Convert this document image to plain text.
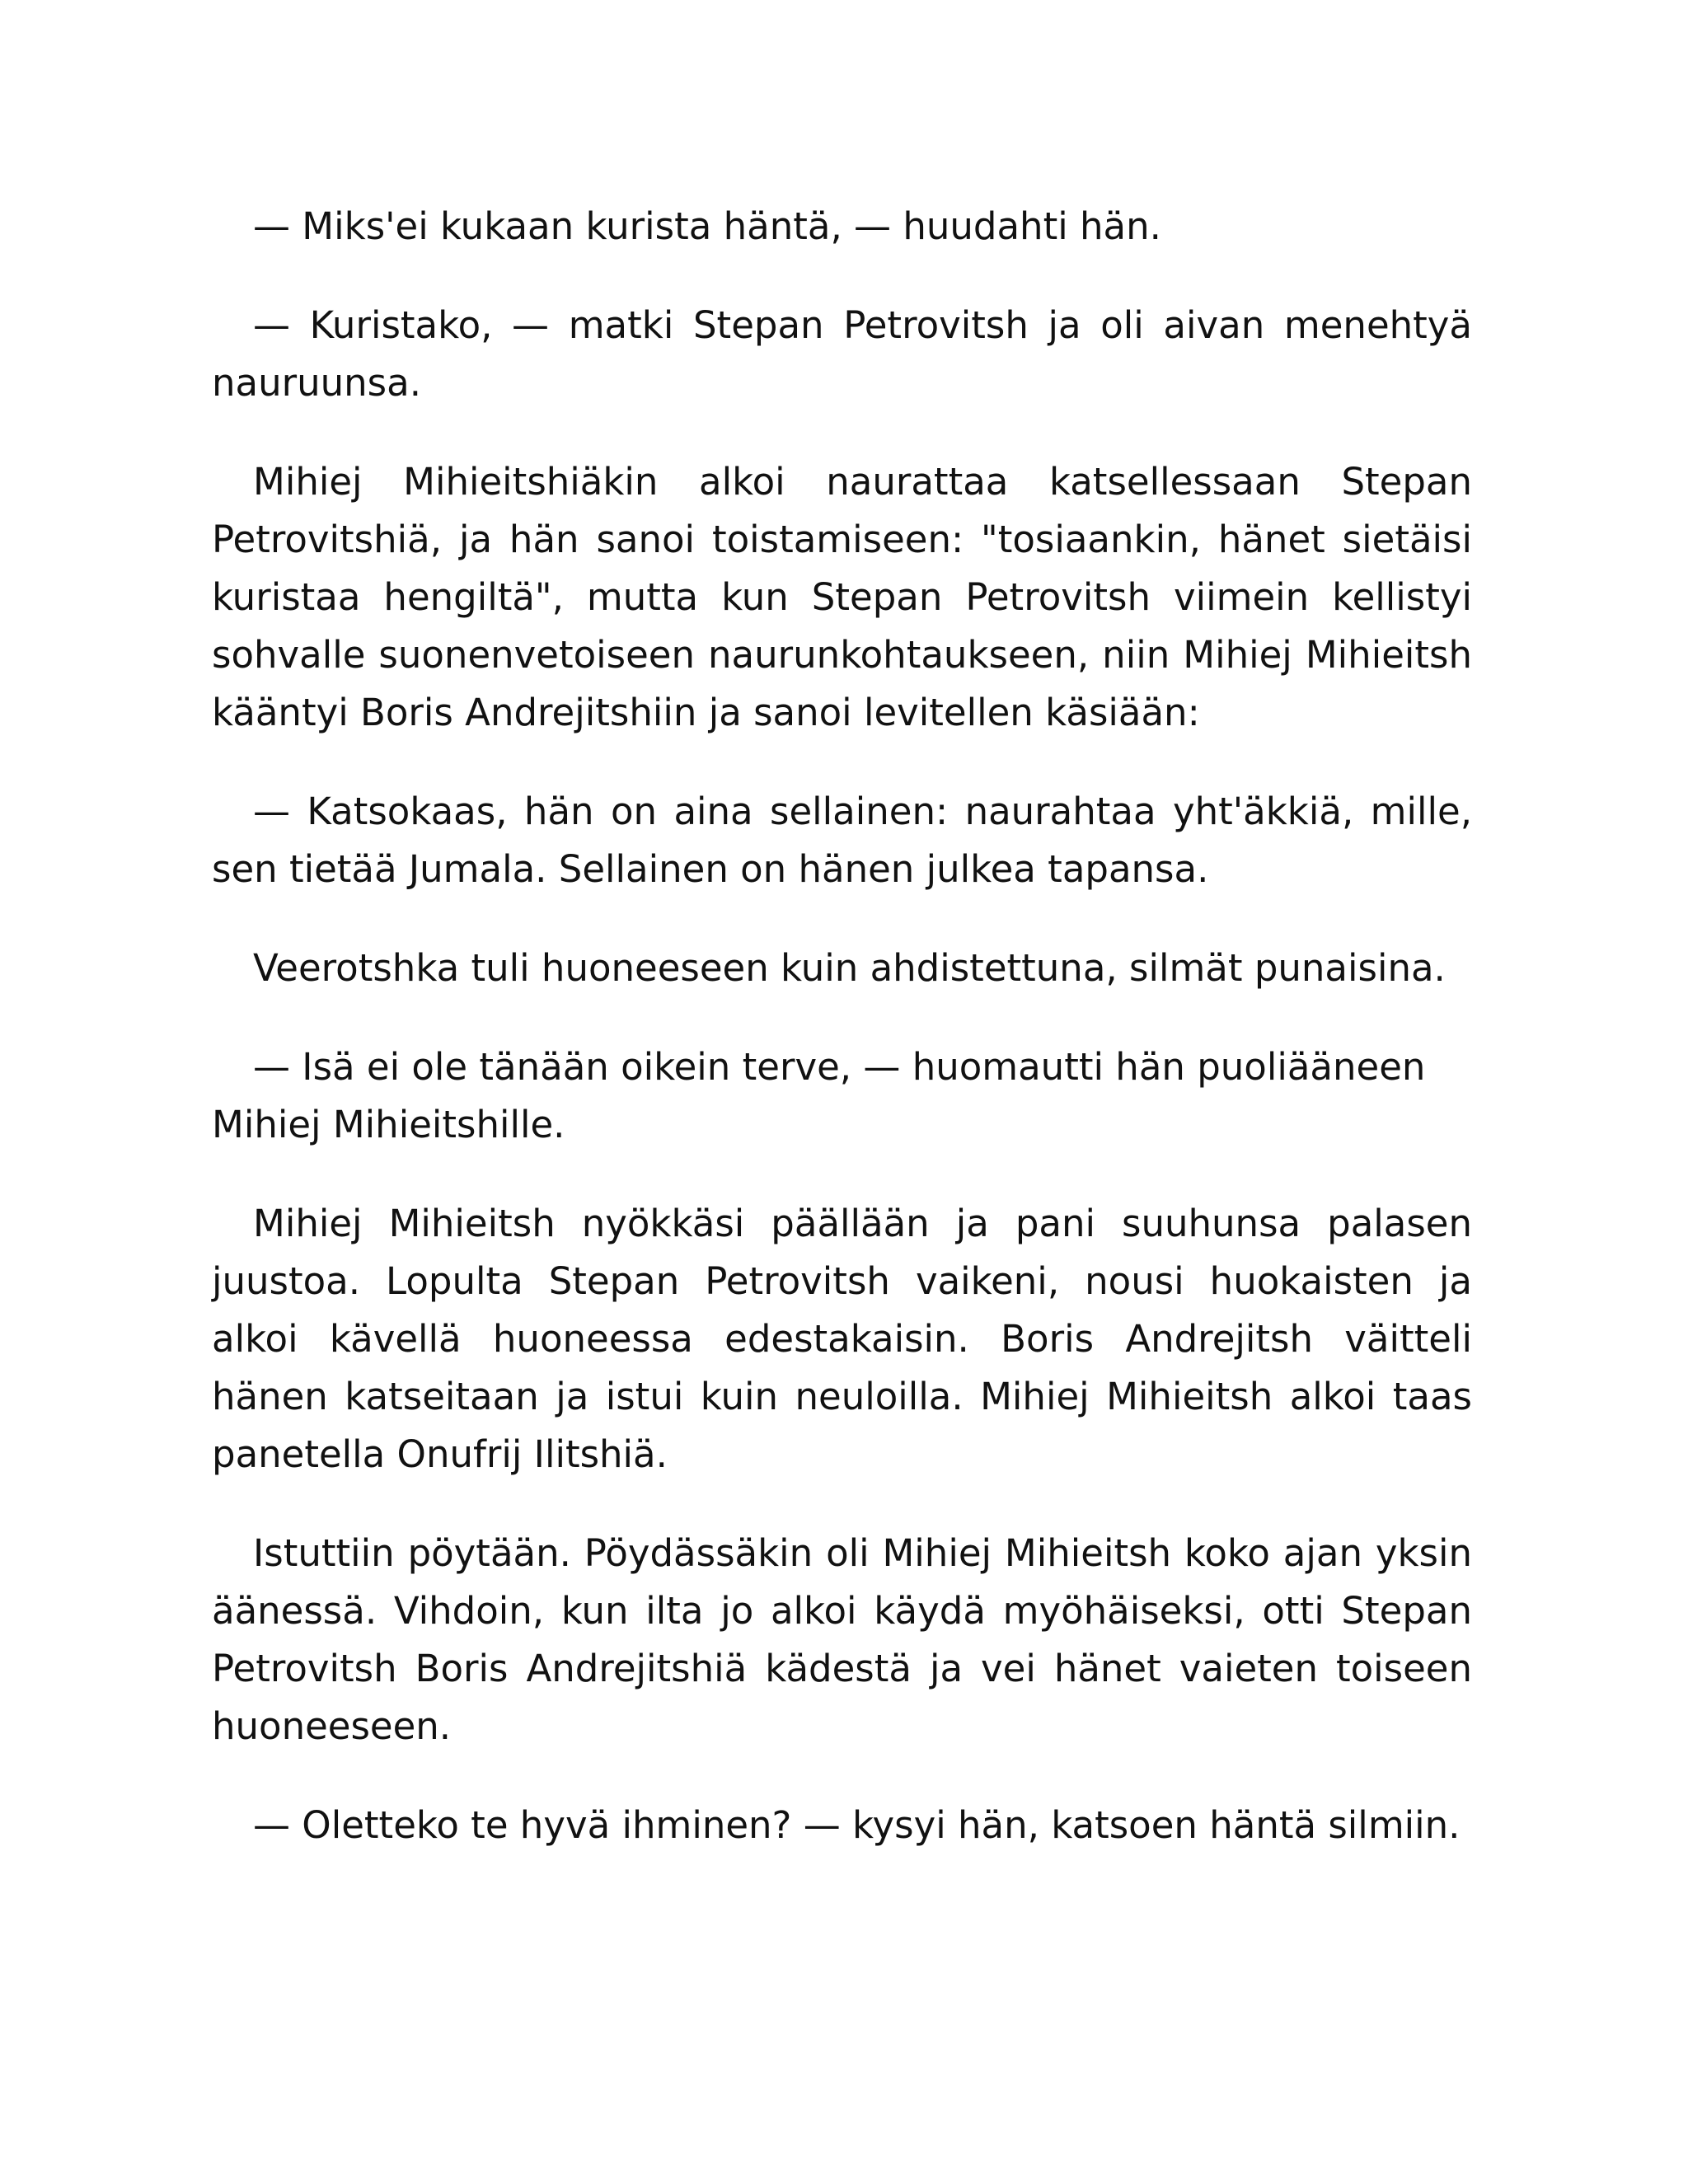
— Miks'ei kukaan kurista häntä, — huudahti hän.

— Kuristako, — matki Stepan Petrovitsh ja oli aivan menehtyä nauruunsa.

Mihiej Mihieitshiäkin alkoi naurattaa katsellessaan Stepan Petrovitshiä, ja hän sanoi toistamiseen: "tosiaankin, hänet sietäisi kuristaa hengiltä", mutta kun Stepan Petrovitsh viimein kellistyi sohvalle suonenvetoiseen naurunkohtaukseen, niin Mihiej Mihieitsh kääntyi Boris Andrejitshiin ja sanoi levitellen käsiään:

— Katsokaas, hän on aina sellainen: naurahtaa yht'äkkiä, mille, sen tietää Jumala. Sellainen on hänen julkea tapansa.

Veerotshka tuli huoneeseen kuin ahdistettuna, silmät punaisina.

— Isä ei ole tänään oikein terve, — huomautti hän puoliääneen Mihiej Mihieitshille.

Mihiej Mihieitsh nyökkäsi päällään ja pani suuhunsa palasen juustoa. Lopulta Stepan Petrovitsh vaikeni, nousi huokaisten ja alkoi kävellä huoneessa edestakaisin. Boris Andrejitsh väitteli hänen katseitaan ja istui kuin neuloilla. Mihiej Mihieitsh alkoi taas panetella Onufrij Ilitshiä.

Istuttiin pöytään. Pöydässäkin oli Mihiej Mihieitsh koko ajan yksin äänessä. Vihdoin, kun ilta jo alkoi käydä myöhäiseksi, otti Stepan Petrovitsh Boris Andrejitshiä kädestä ja vei hänet vaieten toiseen huoneeseen.

— Oletteko te hyvä ihminen? — kysyi hän, katsoen häntä silmiin.
